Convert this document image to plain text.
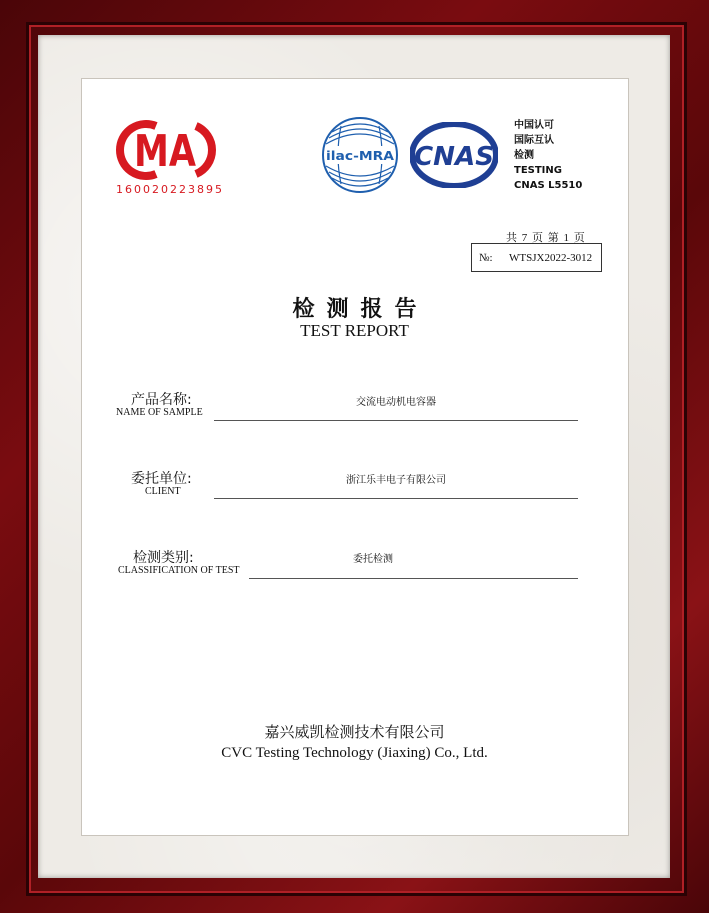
MA
160020223895
ilac-MRA CNAS
中国认可
国际互认
检测
TESTING
CNAS L5510
共 7 页 第 1 页
№: WTSJX2022-3012
检测报告
TEST REPORT
产品名称:
NAME OF SAMPLE
交流电动机电容器
委托单位:
CLIENT
浙江乐丰电子有限公司
检测类别:
CLASSIFICATION OF TEST
委托检测
嘉兴威凯检测技术有限公司
CVC Testing Technology (Jiaxing) Co., Ltd.
